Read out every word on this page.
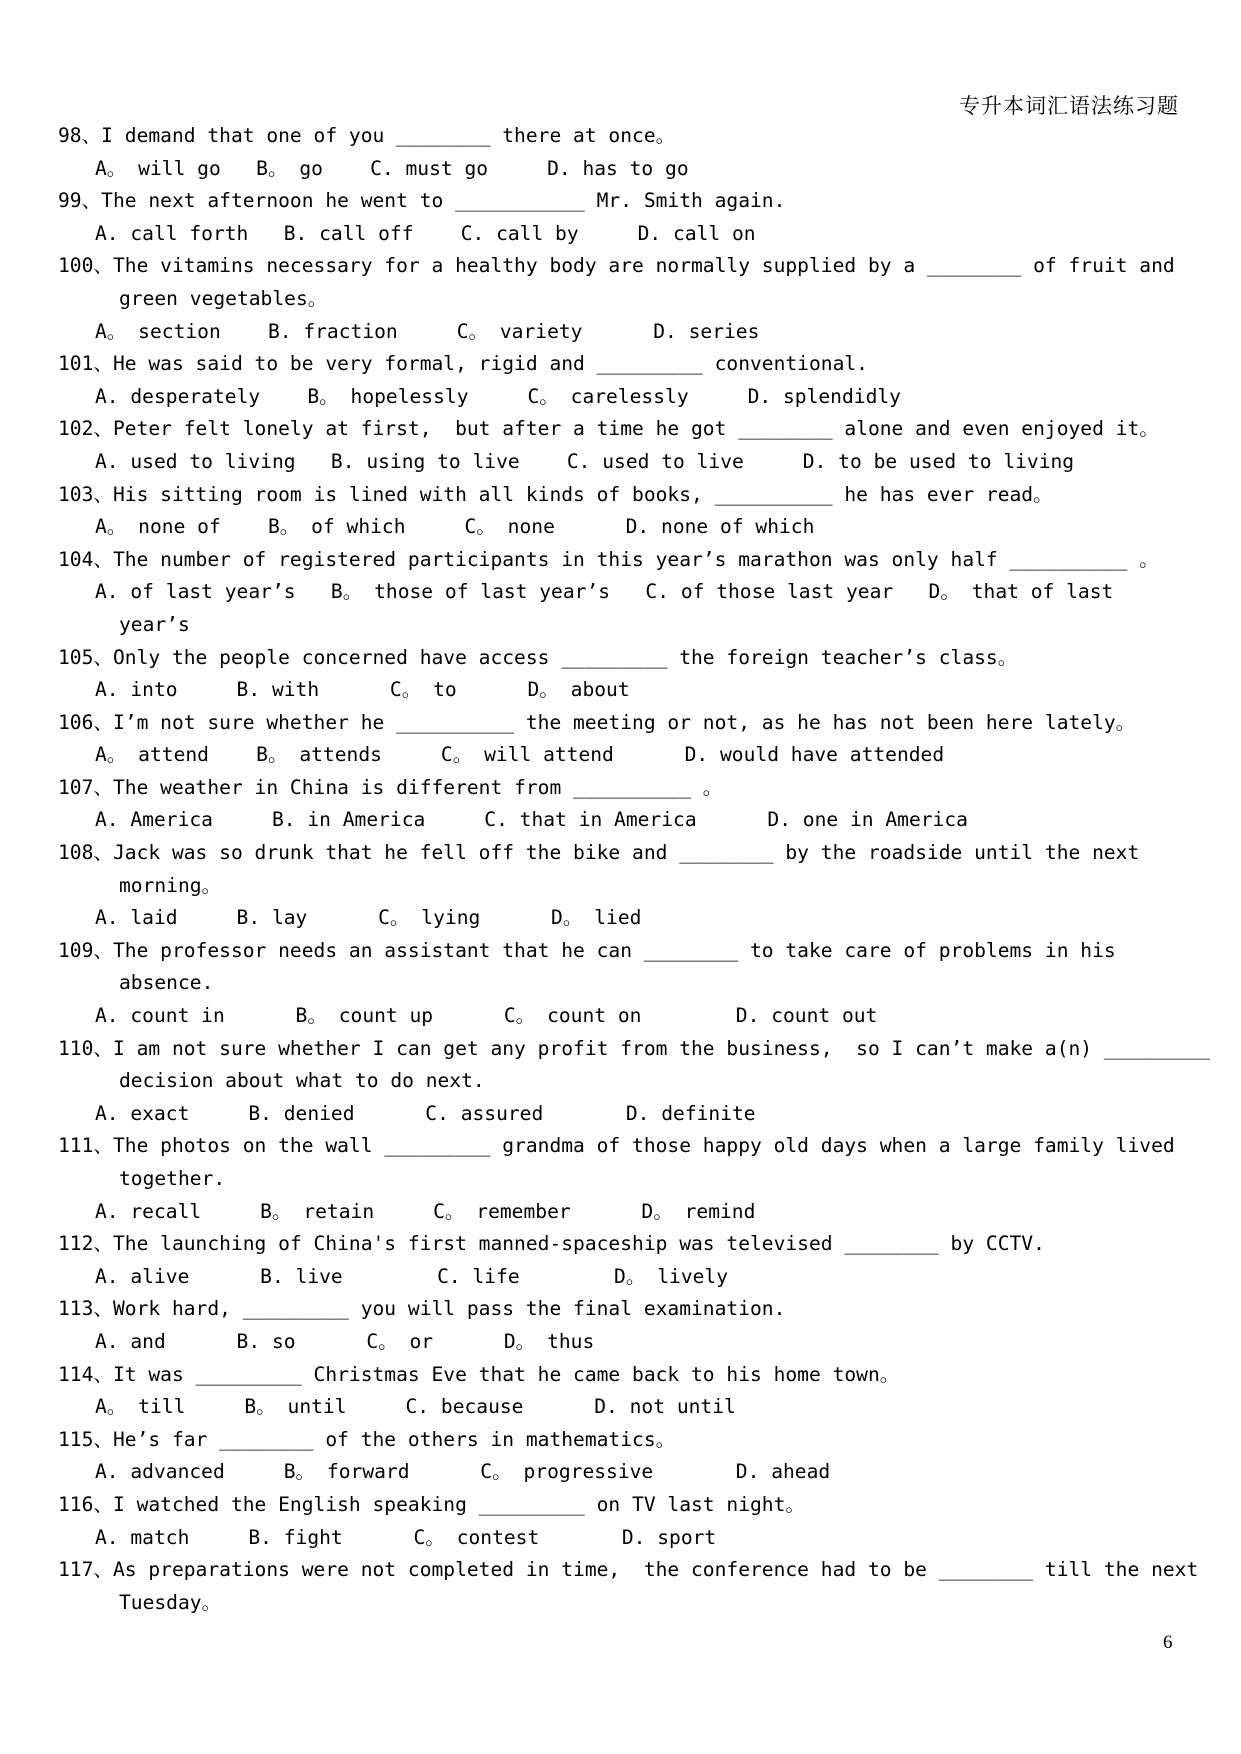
专升本词汇语法练习题
98、I demand that one of you ________ there at once。
A。 will go   B。 go    C. must go     D. has to go
99、The next afternoon he went to ___________ Mr. Smith again.
A. call forth   B. call off    C. call by     D. call on
100、The vitamins necessary for a healthy body are normally supplied by a ________ of fruit and
green vegetables。
A。 section    B. fraction     C。 variety      D. series
101、He was said to be very formal, rigid and _________ conventional.
A. desperately    B。 hopelessly     C。 carelessly     D. splendidly
102、Peter felt lonely at first,  but after a time he got ________ alone and even enjoyed it。
A. used to living   B. using to live    C. used to live     D. to be used to living
103、His sitting room is lined with all kinds of books, __________ he has ever read。
A。 none of    B。 of which     C。 none      D. none of which
104、The number of registered participants in this year’s marathon was only half __________ 。
A. of last year’s   B。 those of last year’s   C. of those last year   D。 that of last
year’s
105、Only the people concerned have access _________ the foreign teacher’s class。
A. into     B. with      C。 to      D。 about
106、I’m not sure whether he __________ the meeting or not, as he has not been here lately。
A。 attend    B。 attends     C。 will attend      D. would have attended
107、The weather in China is different from __________ 。
A. America     B. in America     C. that in America      D. one in America
108、Jack was so drunk that he fell off the bike and ________ by the roadside until the next
morning。
A. laid     B. lay      C。 lying      D。 lied
109、The professor needs an assistant that he can ________ to take care of problems in his
absence.
A. count in      B。 count up      C。 count on        D. count out
110、I am not sure whether I can get any profit from the business,  so I can’t make a(n) _________
decision about what to do next.
A. exact     B. denied      C. assured       D. definite
111、The photos on the wall _________ grandma of those happy old days when a large family lived
together.
A. recall     B。 retain     C。 remember      D。 remind
112、The launching of China's first manned-spaceship was televised ________ by CCTV.
A. alive      B. live        C. life        D。 lively
113、Work hard, _________ you will pass the final examination.
A. and      B. so      C。 or      D。 thus
114、It was _________ Christmas Eve that he came back to his home town。
A。 till     B。 until     C. because      D. not until
115、He’s far ________ of the others in mathematics。
A. advanced     B。 forward      C。 progressive       D. ahead
116、I watched the English speaking _________ on TV last night。
A. match     B. fight      C。 contest       D. sport
117、As preparations were not completed in time,  the conference had to be ________ till the next
Tuesday。
6
